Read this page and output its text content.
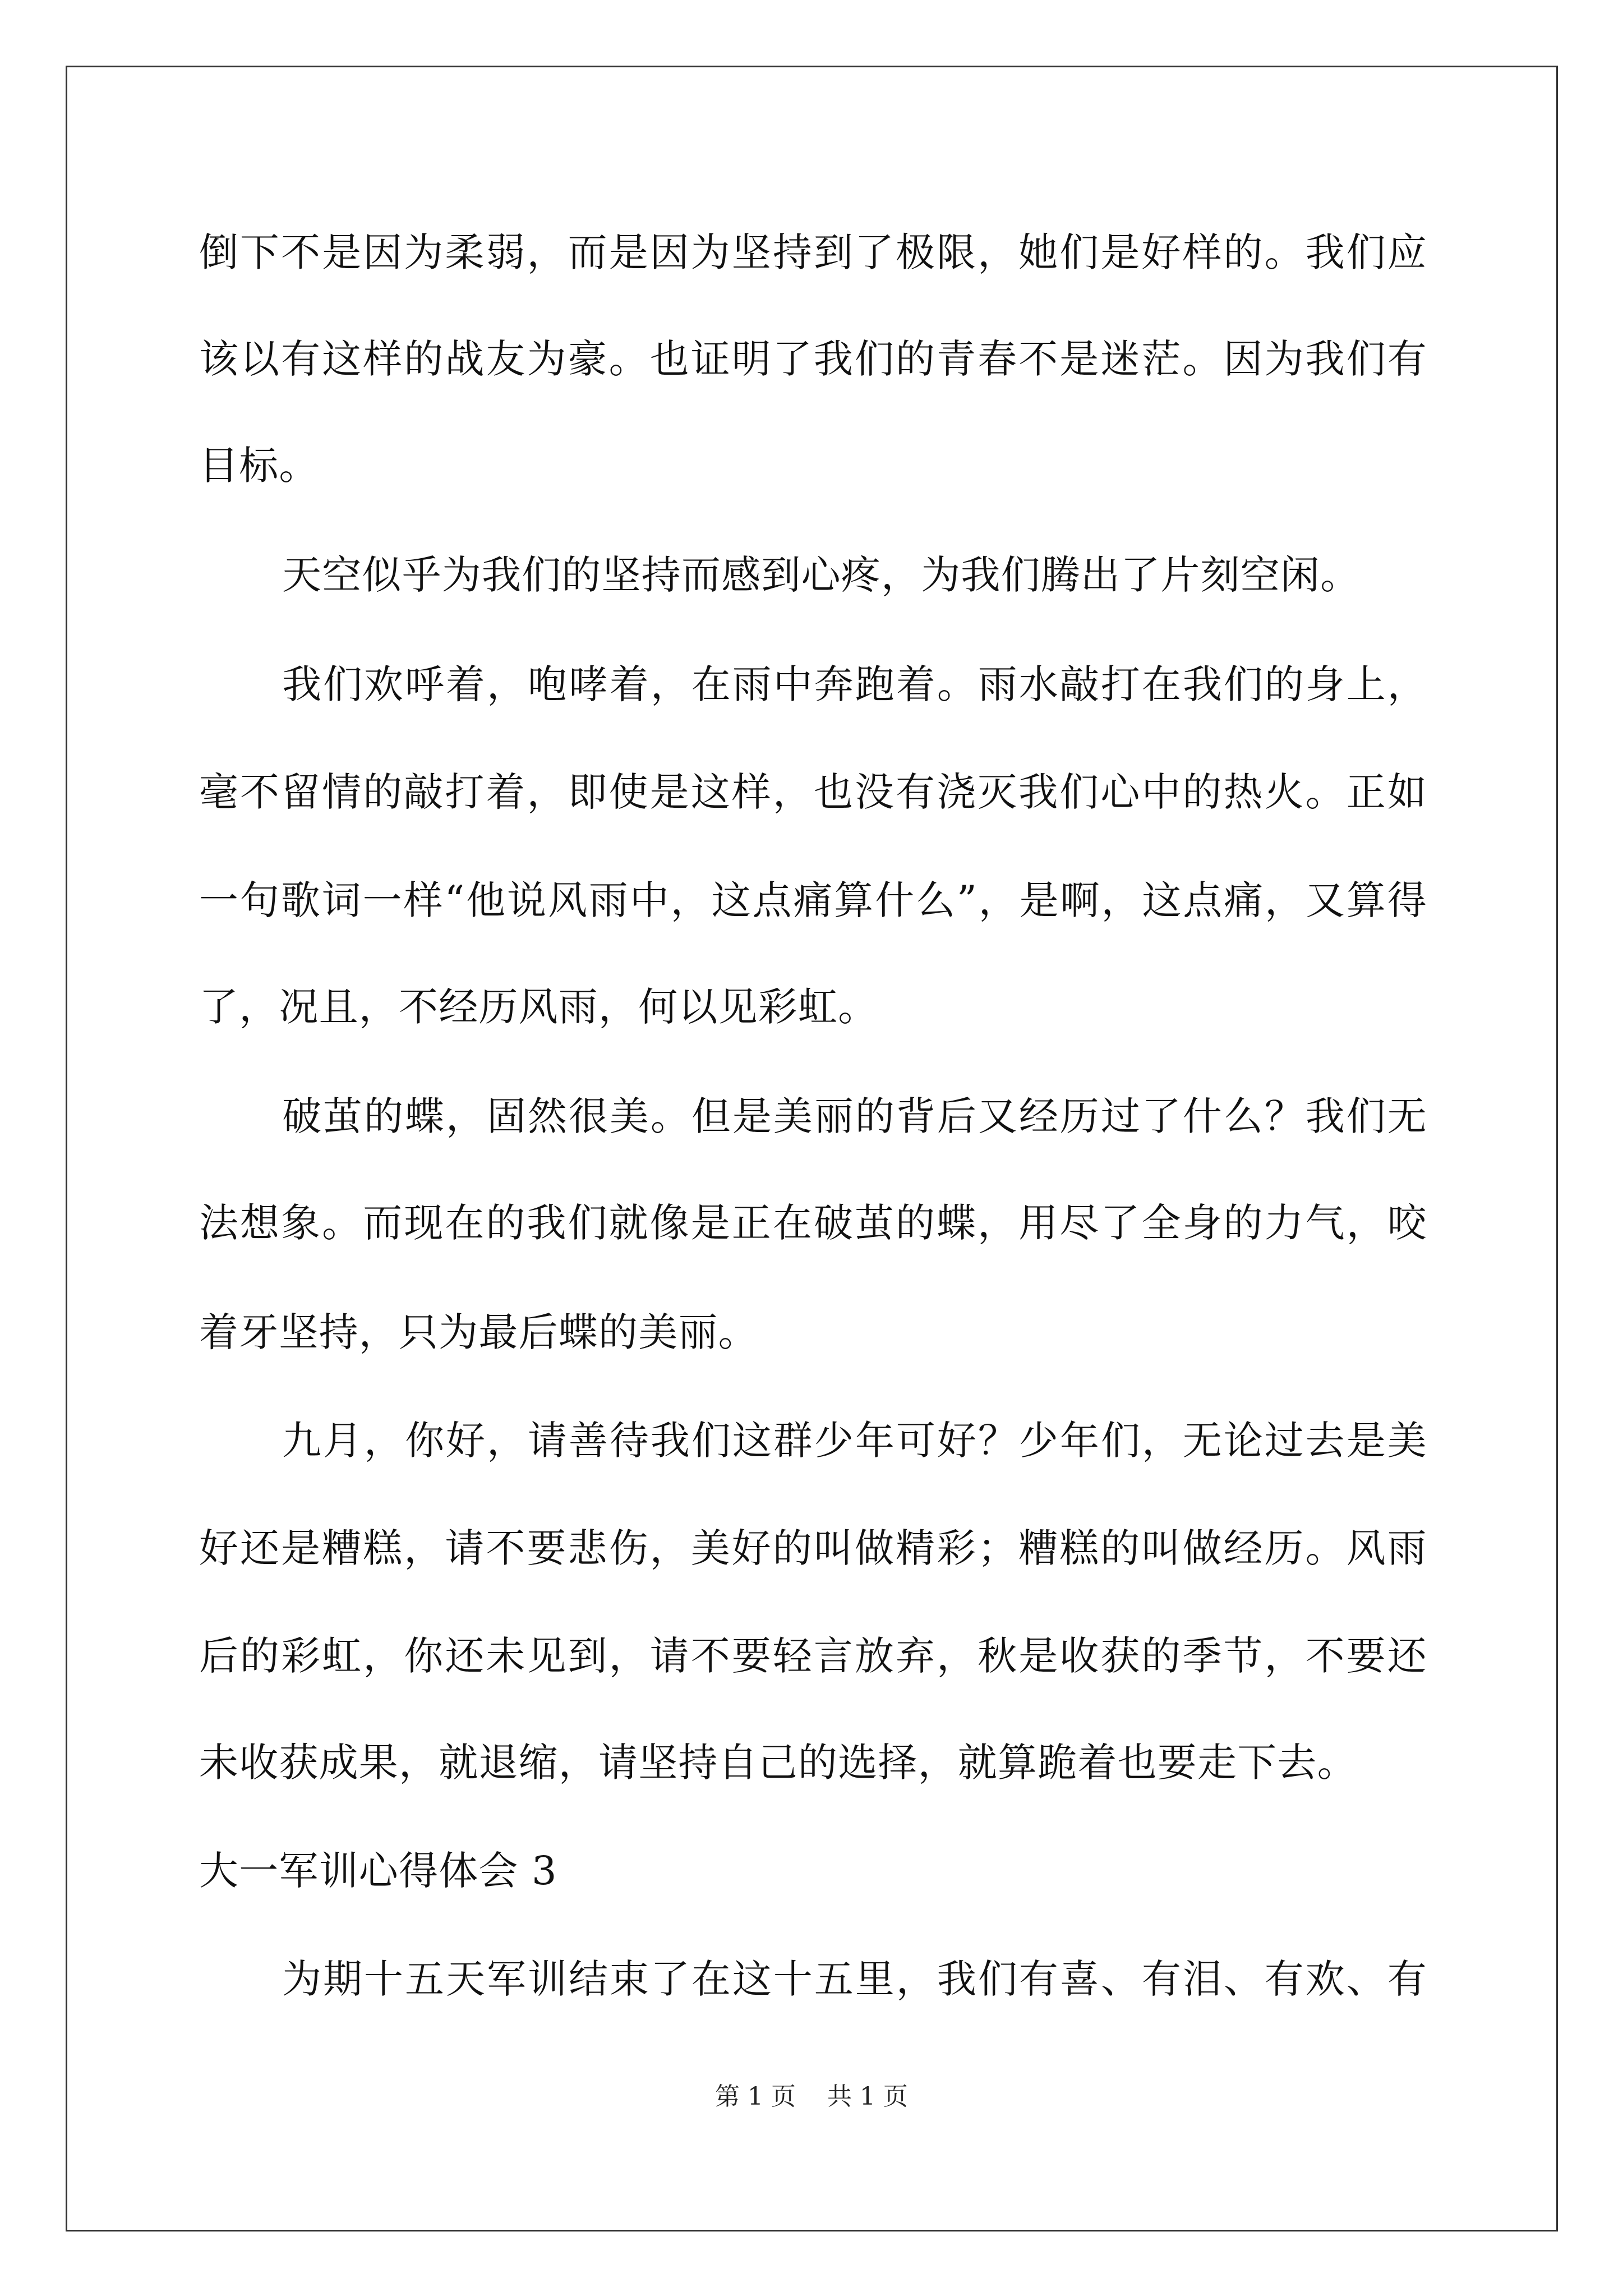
倒下不是因为柔弱，而是因为坚持到了极限，她们是好样的。我们应
该以有这样的战友为豪。也证明了我们的青春不是迷茫。因为我们有
目标。
天空似乎为我们的坚持而感到心疼，为我们腾出了片刻空闲。
我们欢呼着，咆哮着，在雨中奔跑着。雨水敲打在我们的身上，
毫不留情的敲打着，即使是这样，也没有浇灭我们心中的热火。正如
一句歌词一样“他说风雨中，这点痛算什么”，是啊，这点痛，又算得
了，况且，不经历风雨，何以见彩虹。
破茧的蝶，固然很美。但是美丽的背后又经历过了什么？我们无
法想象。而现在的我们就像是正在破茧的蝶，用尽了全身的力气，咬
着牙坚持，只为最后蝶的美丽。
九月，你好，请善待我们这群少年可好？少年们，无论过去是美
好还是糟糕，请不要悲伤，美好的叫做精彩；糟糕的叫做经历。风雨
后的彩虹，你还未见到，请不要轻言放弃，秋是收获的季节，不要还
未收获成果，就退缩，请坚持自己的选择，就算跪着也要走下去。
大一军训心得体会 3
为期十五天军训结束了在这十五里，我们有喜、有泪、有欢、有
第 1 页    共 1 页
